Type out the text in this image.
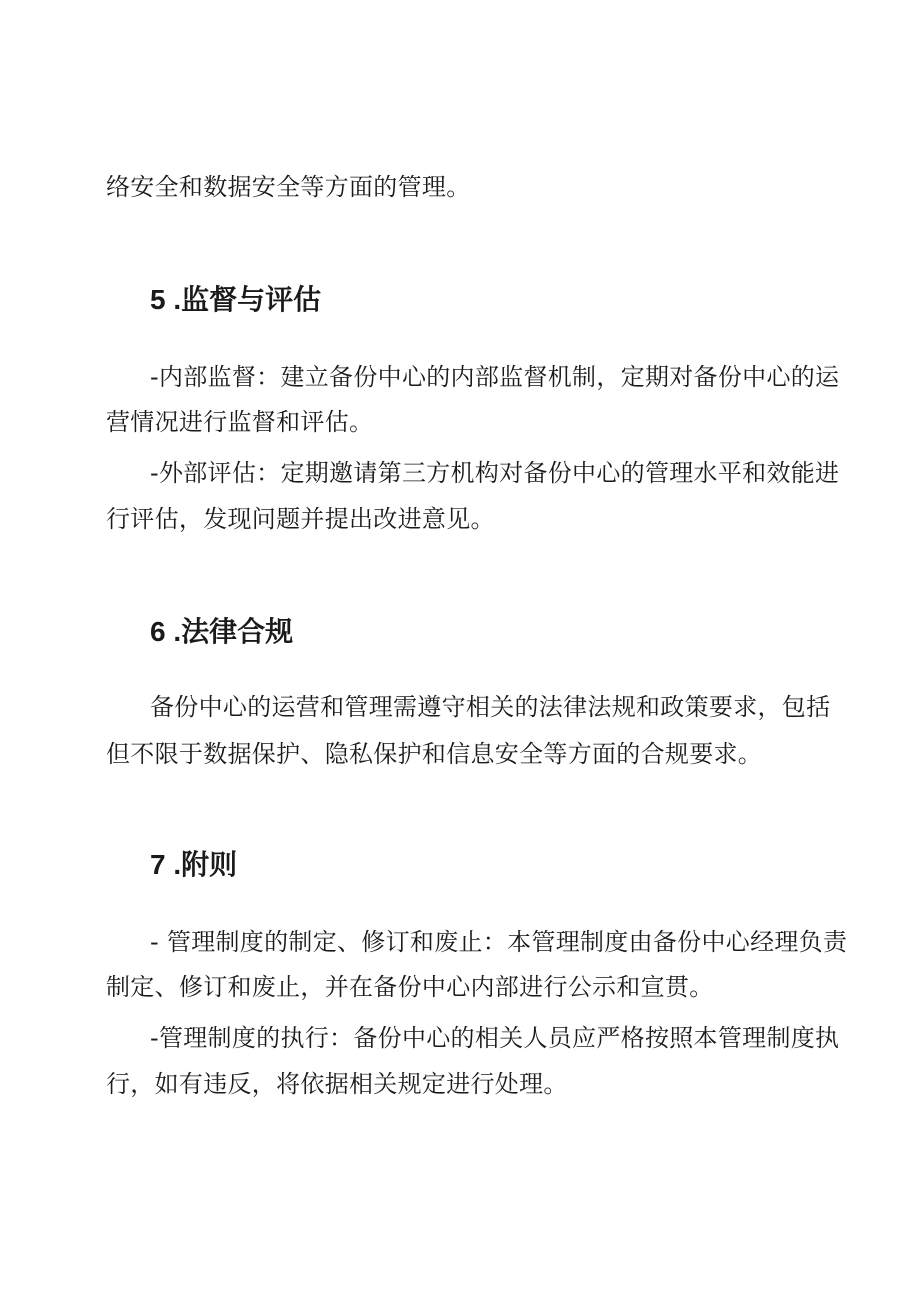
络安全和数据安全等方面的管理。
5 .监督与评估
-内部监督：建立备份中心的内部监督机制，定期对备份中心的运
营情况进行监督和评估。
-外部评估：定期邀请第三方机构对备份中心的管理水平和效能进
行评估，发现问题并提出改进意见。
6 .法律合规
备份中心的运营和管理需遵守相关的法律法规和政策要求，包括
但不限于数据保护、隐私保护和信息安全等方面的合规要求。
7 .附则
- 管理制度的制定、修订和废止：本管理制度由备份中心经理负责
制定、修订和废止，并在备份中心内部进行公示和宣贯。
-管理制度的执行：备份中心的相关人员应严格按照本管理制度执
行，如有违反，将依据相关规定进行处理。
